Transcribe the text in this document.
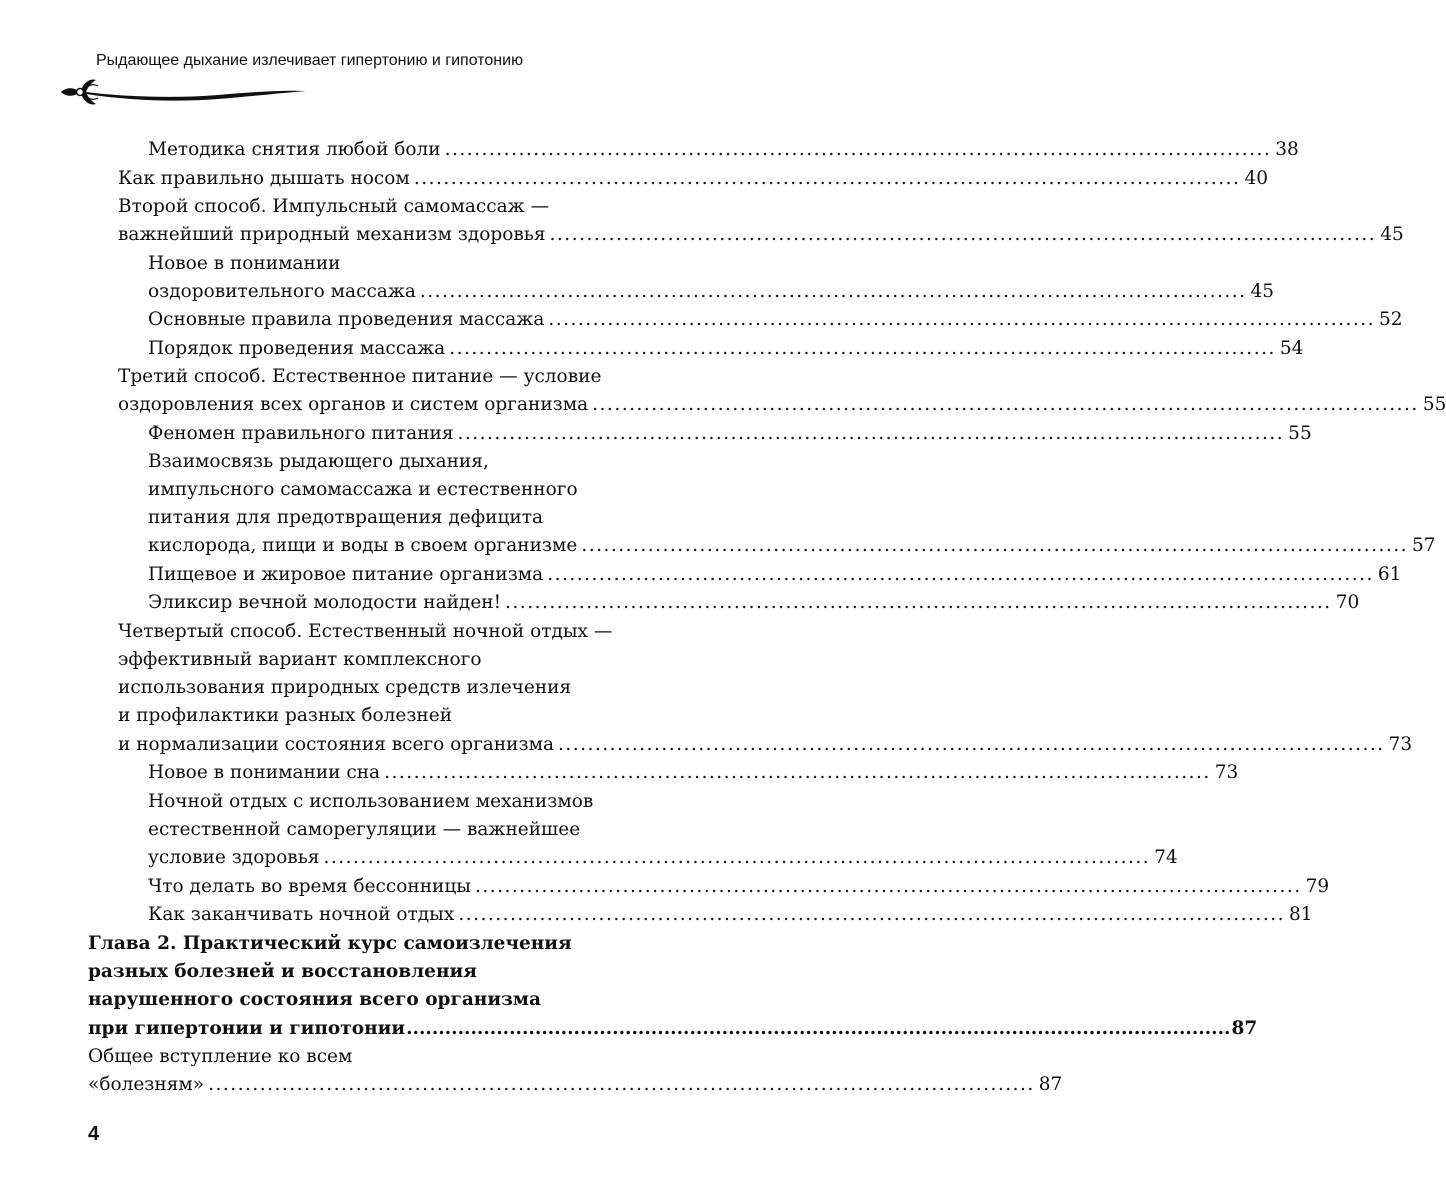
Рыдающее дыхание излечивает гипертонию и гипотонию
Методика снятия любой боли ................................................................................................................ 38
Как правильно дышать носом ................................................................................................................ 40
Второй способ. Импульсный самомассаж —
важнейший природный механизм здоровья ................................................................................................................ 45
Новое в понимании
оздоровительного массажа ................................................................................................................ 45
Основные правила проведения массажа ................................................................................................................ 52
Порядок проведения массажа ................................................................................................................ 54
Третий способ. Естественное питание — условие
оздоровления всех органов и систем организма ................................................................................................................ 55
Феномен правильного питания ................................................................................................................ 55
Взаимосвязь рыдающего дыхания,
импульсного самомассажа и естественного
питания для предотвращения дефицита
кислорода, пищи и воды в своем организме ................................................................................................................ 57
Пищевое и жировое питание организма ................................................................................................................ 61
Эликсир вечной молодости найден! ................................................................................................................ 70
Четвертый способ. Естественный ночной отдых —
эффективный вариант комплексного
использования природных средств излечения
и профилактики разных болезней
и нормализации состояния всего организма ................................................................................................................ 73
Новое в понимании сна ................................................................................................................ 73
Ночной отдых с использованием механизмов
естественной саморегуляции — важнейшее
условие здоровья ................................................................................................................ 74
Что делать во время бессонницы ................................................................................................................ 79
Как заканчивать ночной отдых ................................................................................................................ 81
Глава 2. Практический курс самоизлечения
разных болезней и восстановления
нарушенного состояния всего организма
при гипертонии и гипотонии ................................................................................................................................ 87
Общее вступление ко всем
«болезням» ................................................................................................................ 87
4
